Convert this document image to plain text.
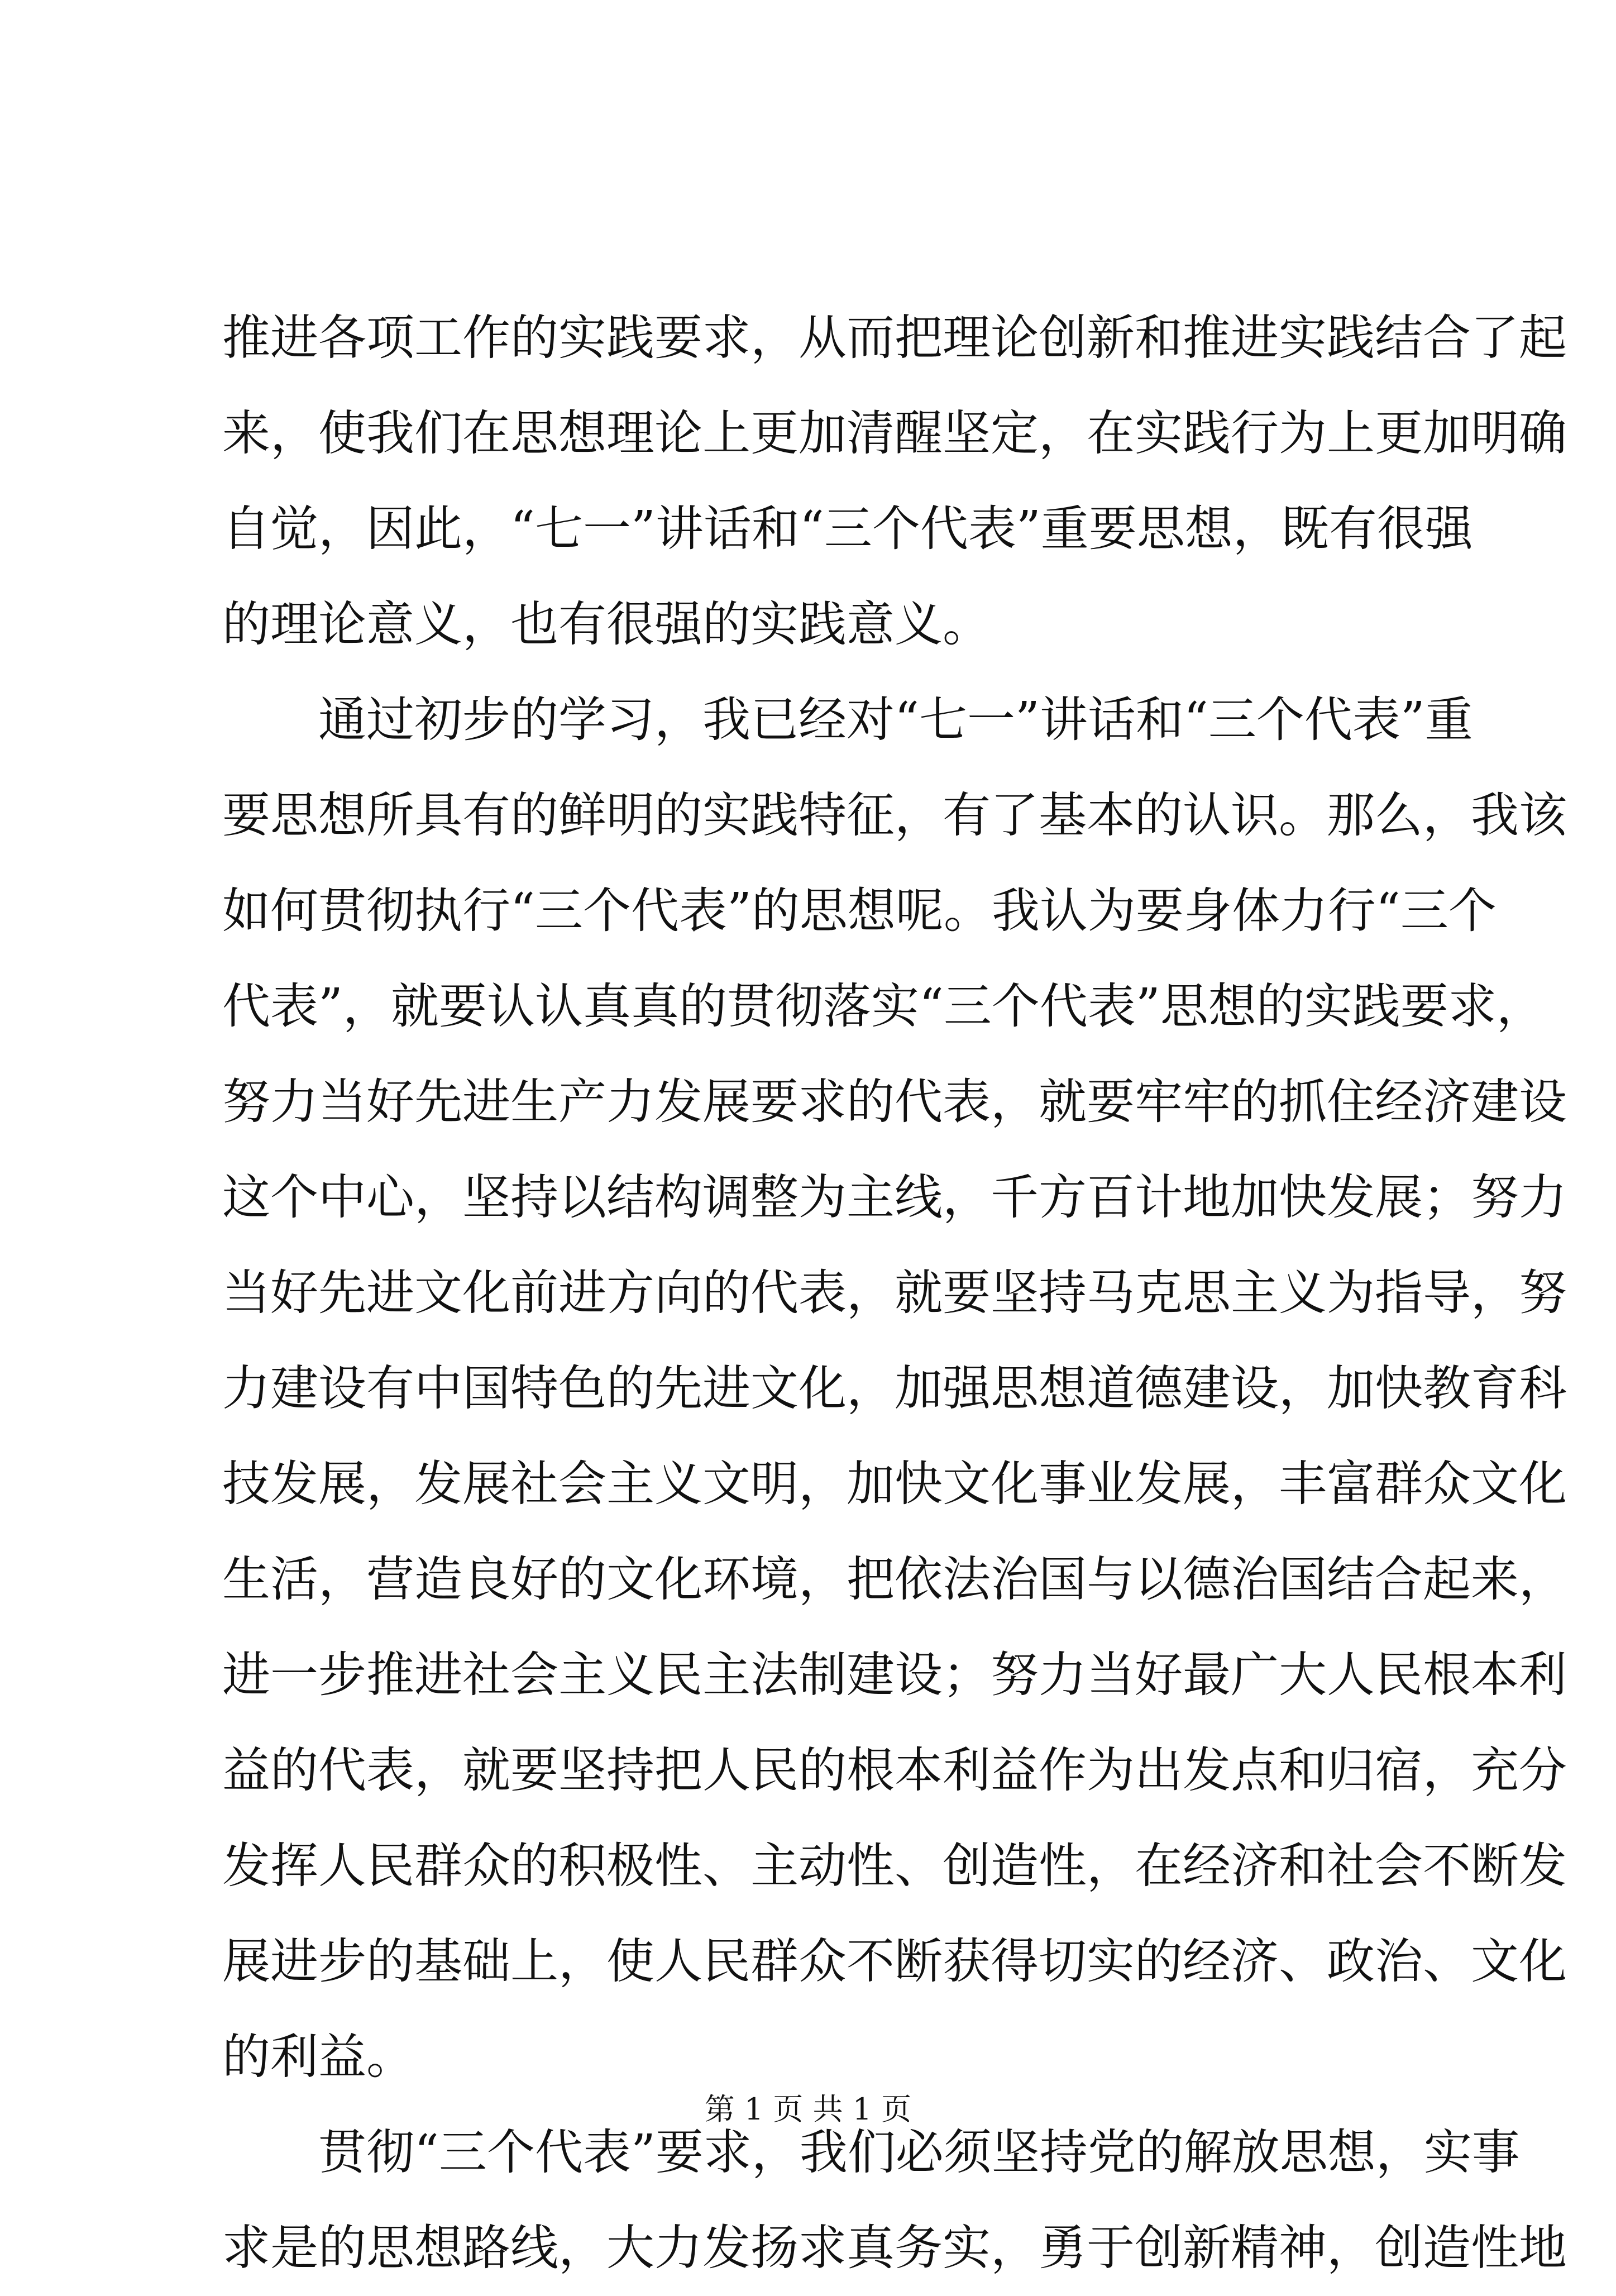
推进各项工作的实践要求，从而把理论创新和推进实践结合了起
来，使我们在思想理论上更加清醒坚定，在实践行为上更加明确
自觉，因此，“七一”讲话和“三个代表”重要思想，既有很强
的理论意义，也有很强的实践意义。
　　通过初步的学习，我已经对“七一”讲话和“三个代表”重
要思想所具有的鲜明的实践特征，有了基本的认识。那么，我该
如何贯彻执行“三个代表”的思想呢。我认为要身体力行“三个
代表”，就要认认真真的贯彻落实“三个代表”思想的实践要求，
努力当好先进生产力发展要求的代表，就要牢牢的抓住经济建设
这个中心，坚持以结构调整为主线，千方百计地加快发展；努力
当好先进文化前进方向的代表，就要坚持马克思主义为指导，努
力建设有中国特色的先进文化，加强思想道德建设，加快教育科
技发展，发展社会主义文明，加快文化事业发展，丰富群众文化
生活，营造良好的文化环境，把依法治国与以德治国结合起来，
进一步推进社会主义民主法制建设；努力当好最广大人民根本利
益的代表，就要坚持把人民的根本利益作为出发点和归宿，充分
发挥人民群众的积极性、主动性、创造性，在经济和社会不断发
展进步的基础上，使人民群众不断获得切实的经济、政治、文化
的利益。
　　贯彻“三个代表”要求，我们必须坚持党的解放思想，实事
求是的思想路线，大力发扬求真务实，勇于创新精神，创造性地
第 1 页 共 1 页
